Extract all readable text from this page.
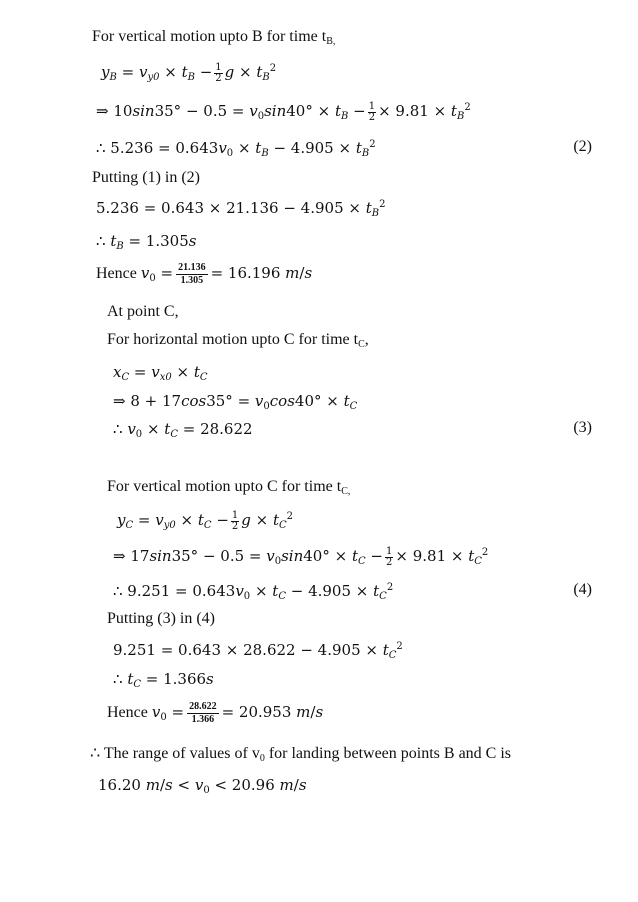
For vertical motion upto B for time $t_{B,}$
$y_B = v_{y0} \times t_B - \frac{1}{2}$ $g \times t_B^2$
⇒ $10\sin 35^\circ - 0.5 = v_0\sin 40^\circ \times t_B - \frac{1}{2} \times 9.81 \times t_B^2$
∴ $5.236 = 0.643v_0 \times t_B - 4.905 \times t_B^2$	(2)
Putting (1) in (2)
$5.236 = 0.643 \times 21.136 - 4.905 \times t_B^2$
∴ $t_B = 1.305s$
Hence $v_0 = \frac{21.136}{1.305} = 16.196$ m/s
At point C,
For horizontal motion upto C for time $t_C$,
$x_C = v_{x0} \times t_C$
⇒ $8 + 17\cos 35^\circ = v_0\cos 40^\circ \times t_C$
∴ $v_0 \times t_C = 28.622$	(3)
For vertical motion upto C for time $t_{C,}$
$y_C = v_{y0} \times t_C - \frac{1}{2}$ $g \times t_C^2$
⇒ $17\sin 35^\circ - 0.5 = v_0\sin 40^\circ \times t_C - \frac{1}{2} \times 9.81 \times t_C^2$
∴ $9.251 = 0.643v_0 \times t_C - 4.905 \times t_C^2$	(4)
Putting (3) in (4)
$9.251 = 0.643 \times 28.622 - 4.905 \times t_C^2$
∴ $t_C = 1.366s$
Hence $v_0 = \frac{28.622}{1.366} = 20.953$ m/s
∴ The range of values of $v_0$ for landing between points B and C is
16.20 $m/s < v_0 < 20.96$ m/s
